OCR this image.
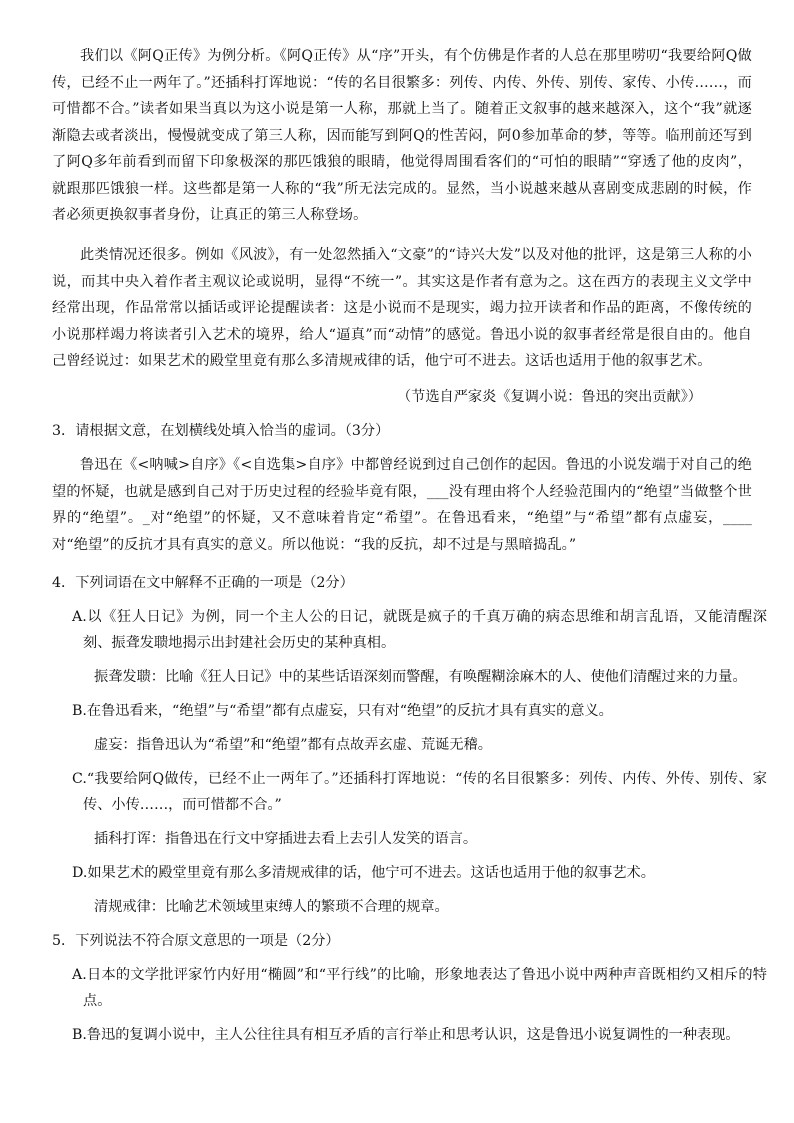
我们以《阿Q正传》为例分析。《阿Q正传》从“序”开头，有个仿佛是作者的人总在那里唠叨“我要给阿Q做传，已经不止一两年了。”还插科打诨地说：“传的名目很繁多：列传、内传、外传、别传、家传、小传……，而可惜都不合。”读者如果当真以为这小说是第一人称，那就上当了。随着正文叙事的越来越深入，这个“我”就逐渐隐去或者淡出，慢慢就变成了第三人称，因而能写到阿Q的性苦闷，阿0参加革命的梦，等等。临刑前还写到了阿Q多年前看到而留下印象极深的那匹饿狼的眼睛，他觉得周围看客们的“可怕的眼睛”“穿透了他的皮肉”，就跟那匹饿狼一样。这些都是第一人称的“我”所无法完成的。显然，当小说越来越从喜剧变成悲剧的时候，作者必须更换叙事者身份，让真正的第三人称登场。

此类情况还很多。例如《风波》，有一处忽然插入“文豪”的“诗兴大发”以及对他的批评，这是第三人称的小说，而其中央入着作者主观议论或说明，显得“不统一”。其实这是作者有意为之。这在西方的表现主义文学中经常出现，作品常常以插话或评论提醒读者：这是小说而不是现实，竭力拉开读者和作品的距离，不像传统的小说那样竭力将读者引入艺术的境界，给人“逼真”而“动情”的感觉。鲁迅小说的叙事者经常是很自由的。他自己曾经说过：如果艺术的殿堂里竟有那么多清规戒律的话，他宁可不进去。这话也适用于他的叙事艺术。

（节选自严家炎《复调小说：鲁迅的突出贡献》）

3．请根据文意，在划横线处填入恰当的虚词。（3分）

鲁迅在《<呐喊>自序》《<自选集>自序》中都曾经说到过自己创作的起因。鲁迅的小说发端于对自己的绝望的怀疑，也就是感到自己对于历史过程的经验毕竟有限，___没有理由将个人经验范围内的“绝望”当做整个世界的“绝望”。_对“绝望”的怀疑，又不意味着肯定“希望”。在鲁迅看来，“绝望”与“希望”都有点虚妄，____对“绝望”的反抗才具有真实的意义。所以他说：“我的反抗，却不过是与黑暗捣乱。”

4．下列词语在文中解释不正确的一项是（2分）

A.以《狂人日记》为例，同一个主人公的日记，就既是疯子的千真万确的病态思维和胡言乱语，又能清醒深刻、振聋发聩地揭示出封建社会历史的某种真相。

振聋发聩：比喻《狂人日记》中的某些话语深刻而警醒，有唤醒糊涂麻木的人、使他们清醒过来的力量。

B.在鲁迅看来，“绝望”与“希望”都有点虚妄，只有对“绝望”的反抗才具有真实的意义。

虚妄：指鲁迅认为“希望”和“绝望”都有点故弄玄虚、荒诞无稽。

C.“我要给阿Q做传，已经不止一两年了。”还插科打诨地说：“传的名目很繁多：列传、内传、外传、别传、家传、小传……，而可惜都不合。”

插科打诨：指鲁迅在行文中穿插进去看上去引人发笑的语言。

D.如果艺术的殿堂里竟有那么多清规戒律的话，他宁可不进去。这话也适用于他的叙事艺术。

清规戒律：比喻艺术领域里束缚人的繁琐不合理的规章。

5．下列说法不符合原文意思的一项是（2分）

A.日本的文学批评家竹内好用“椭圆”和“平行线”的比喻，形象地表达了鲁迅小说中两种声音既相约又相斥的特点。

B.鲁迅的复调小说中，主人公往往具有相互矛盾的言行举止和思考认识，这是鲁迅小说复调性的一种表现。
